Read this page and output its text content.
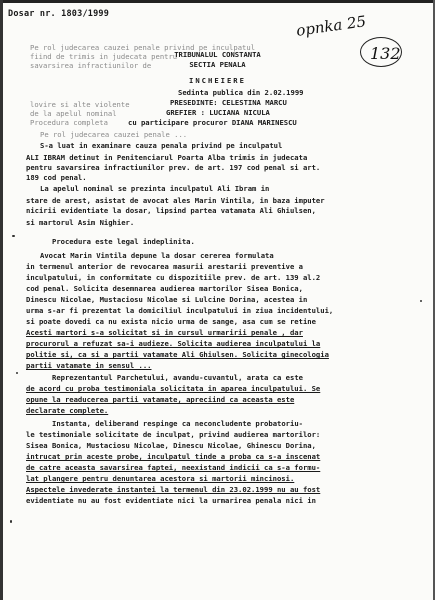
Dosar nr. 1803/1999	opnka 25
132
Pe rol judecarea cauzei penale privind pe inculpatul
fiind de trimis in judecata pentru
savarsirea infractiunilor de
lovire si alte violente
de la apelul nominal
Procedura completa
TRIBUNALUL CONSTANTA
SECTIA PENALA
INCHEIERE
Sedinta publica din 2.02.1999
PRESEDINTE: CELESTINA MARCU
GREFIER : LUCIANA NICULA
cu participare procuror DIANA MARINESCU
Pe rol judecarea cauzei penale ...
S-a luat in examinare cauza penala privind pe inculpatul
ALI IBRAM detinut in Penitenciarul Poarta Alba trimis in judecata
pentru savarsirea infractiunilor prev. de art. 197 cod penal si art.
189 cod penal.
La apelul nominal se prezinta inculpatul Ali Ibram in
stare de arest, asistat de avocat ales Marin Vintila, in baza imputer
nicirii evidentiate la dosar, lipsind partea vatamata Ali Ghiulsen,
si martorul Asim Nighier.
Procedura este legal indeplinita.
Avocat Marin Vintila depune la dosar cererea formulata
in termenul anterior de revocarea masurii arestarii preventive a
inculpatului, in conformitate cu dispozitiile prev. de art. 139 al.2
cod penal. Solicita desemnarea audierea martorilor Sisea Bonica,
Dinescu Nicolae, Mustaciosu Nicolae si Lulcine Dorina, acestea in
urma s-ar fi prezentat la domiciliul inculpatului in ziua incidentului,
si poate dovedi ca nu exista nicio urma de sange, asa cum se retine
Acesti martori s-a solicitat si in cursul urmaririi penale , dar
procurorul a refuzat sa-i audieze. Solicita audierea inculpatului la
politie si, ca si a partii vatamate Ali Ghiulsen. Solicita ginecologia
partii vatamate in sensul ...
Reprezentantul Parchetului, avandu-cuvantul, arata ca este
de acord cu proba testimoniala solicitata in aparea inculpatului. Se
opune la readucerea partii vatamate, apreciind ca aceasta este
declarate complete.
Instanta, deliberand respinge ca neconcludente probatoriu-
le testimoniale solicitate de inculpat, privind audierea martorilor:
Sisea Bonica, Mustaciosu Nicolae, Dinescu Nicolae, Ghinescu Dorina,
intrucat prin aceste probe, inculpatul tinde a proba ca s-a inscenat
de catre aceasta savarsirea faptei, neexistand indicii ca s-a formu-
lat plangere pentru denuntarea acestora si martorii mincinosi.
Aspectele invederate instantei la termenul din 23.02.1999 nu au fost
evidentiate nu au fost evidentiate nici la urmarirea penala nici in
